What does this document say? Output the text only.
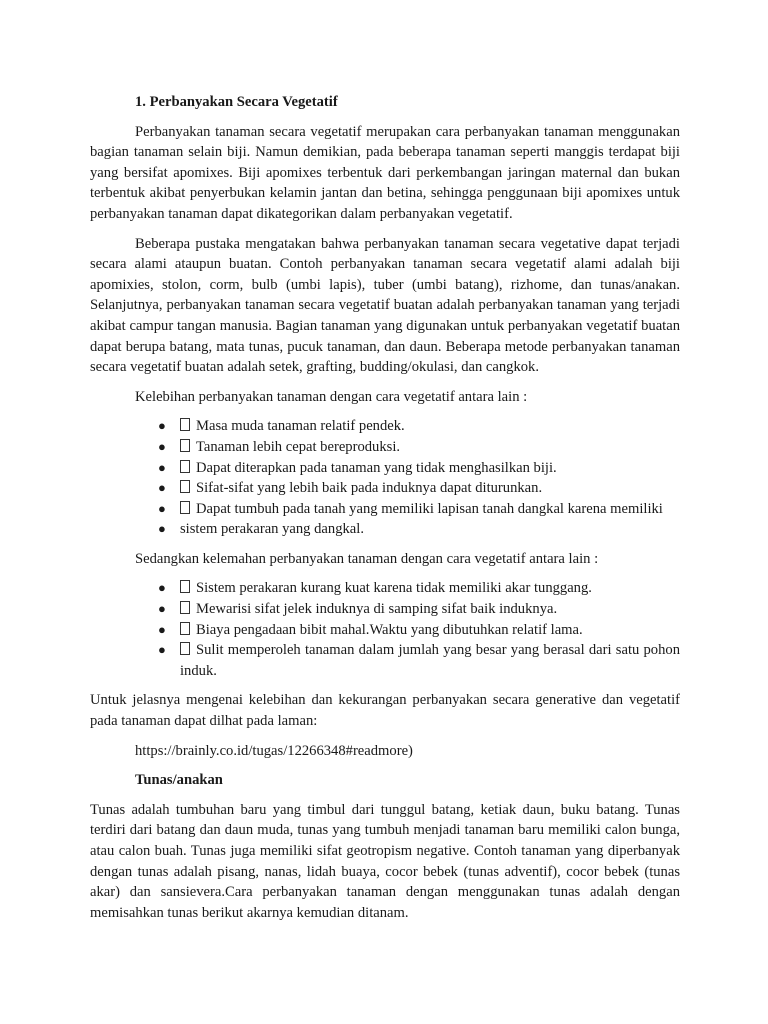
1. Perbanyakan Secara Vegetatif

Perbanyakan tanaman secara vegetatif merupakan cara perbanyakan tanaman menggunakan bagian tanaman selain biji. Namun demikian, pada beberapa tanaman seperti manggis terdapat biji yang bersifat apomixes. Biji apomixes terbentuk dari perkembangan jaringan maternal dan bukan terbentuk akibat penyerbukan kelamin jantan dan betina, sehingga penggunaan biji apomixes untuk perbanyakan tanaman dapat dikategorikan dalam perbanyakan vegetatif.

Beberapa pustaka mengatakan bahwa perbanyakan tanaman secara vegetative dapat terjadi secara alami ataupun buatan. Contoh perbanyakan tanaman secara vegetatif alami adalah biji apomixies, stolon, corm, bulb (umbi lapis), tuber (umbi batang), rizhome, dan tunas/anakan. Selanjutnya, perbanyakan tanaman secara vegetatif buatan adalah perbanyakan tanaman yang terjadi akibat campur tangan manusia. Bagian tanaman yang digunakan untuk perbanyakan vegetatif buatan dapat berupa batang, mata tunas, pucuk tanaman, dan daun. Beberapa metode perbanyakan tanaman secara vegetatif buatan adalah setek, grafting, budding/okulasi, dan cangkok.

Kelebihan perbanyakan tanaman dengan cara vegetatif antara lain :

● Masa muda tanaman relatif pendek.
● Tanaman lebih cepat bereproduksi.
● Dapat diterapkan pada tanaman yang tidak menghasilkan biji.
● Sifat-sifat yang lebih baik pada induknya dapat diturunkan.
● Dapat tumbuh pada tanah yang memiliki lapisan tanah dangkal karena memiliki
● sistem perakaran yang dangkal.

Sedangkan kelemahan perbanyakan tanaman dengan cara vegetatif antara lain :

● Sistem perakaran kurang kuat karena tidak memiliki akar tunggang.
● Mewarisi sifat jelek induknya di samping sifat baik induknya.
● Biaya pengadaan bibit mahal.Waktu yang dibutuhkan relatif lama.
● Sulit memperoleh tanaman dalam jumlah yang besar yang berasal dari satu pohon induk.

Untuk jelasnya mengenai kelebihan dan kekurangan perbanyakan secara generative dan vegetatif pada tanaman dapat dilhat pada laman:

https://brainly.co.id/tugas/12266348#readmore)
Tunas/anakan

Tunas adalah tumbuhan baru yang timbul dari tunggul batang, ketiak daun, buku batang. Tunas terdiri dari batang dan daun muda, tunas yang tumbuh menjadi tanaman baru memiliki calon bunga, atau calon buah. Tunas juga memiliki sifat geotropism negative. Contoh tanaman yang diperbanyak dengan tunas adalah pisang, nanas, lidah buaya, cocor bebek (tunas adventif), cocor bebek (tunas akar) dan sansievera.Cara perbanyakan tanaman dengan menggunakan tunas adalah dengan memisahkan tunas berikut akarnya kemudian ditanam.
